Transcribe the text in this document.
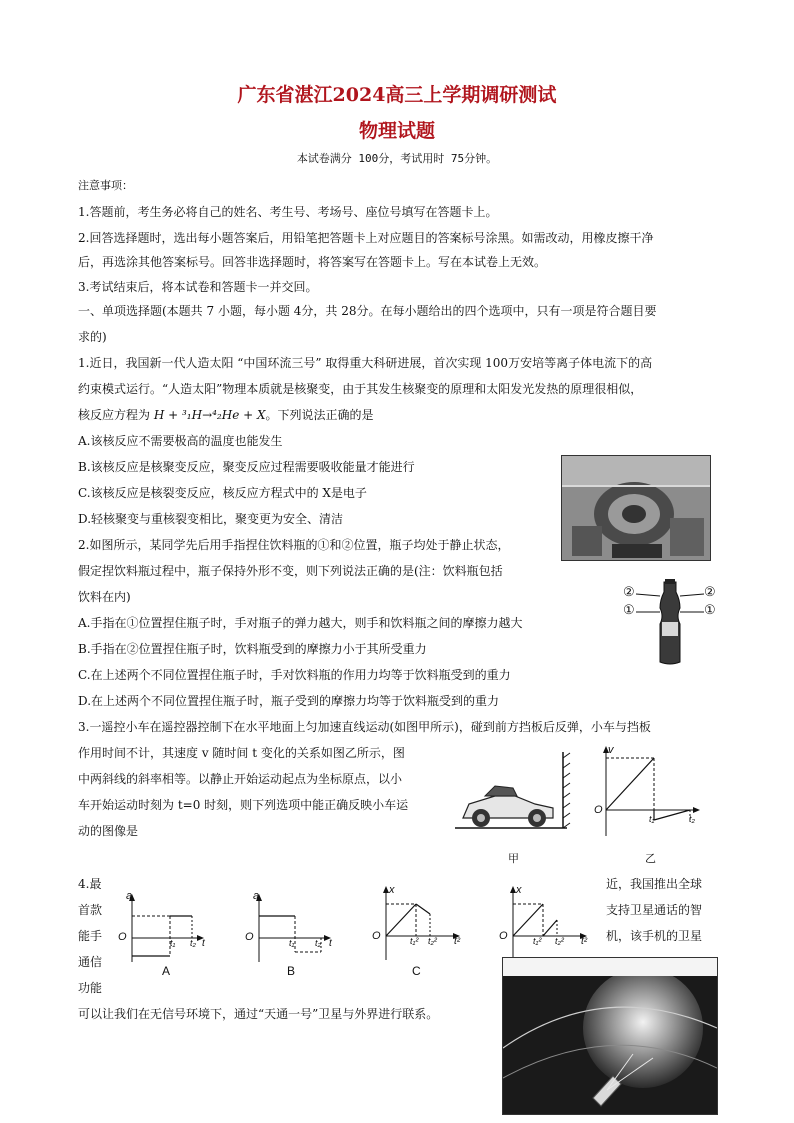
广东省湛江2024高三上学期调研测试
物理试题
本试卷满分 100分，考试用时 75分钟。
注意事项：
1.答题前，考生务必将自己的姓名、考生号、考场号、座位号填写在答题卡上。
2.回答选择题时，选出每小题答案后，用铅笔把答题卡上对应题目的答案标号涂黑。如需改动，用橡皮擦干净
后，再选涂其他答案标号。回答非选择题时，将答案写在答题卡上。写在本试卷上无效。
3.考试结束后，将本试卷和答题卡一并交回。
一、单项选择题(本题共 7 小题，每小题 4分，共 28分。在每小题给出的四个选项中，只有一项是符合题目要
求的)
1.近日，我国新一代人造太阳 “中国环流三号” 取得重大科研进展，首次实现 100万安培等离子体电流下的高
约束模式运行。“人造太阳”物理本质就是核聚变，由于其发生核聚变的原理和太阳发光发热的原理很相似，
核反应方程为 H + ³₁H→⁴₂He + X。下列说法正确的是
A.该核反应不需要极高的温度也能发生
B.该核反应是核聚变反应，聚变反应过程需要吸收能量才能进行
C.该核反应是核裂变反应，核反应方程式中的 X是电子
D.轻核聚变与重核裂变相比，聚变更为安全、清洁
2.如图所示，某同学先后用手指捏住饮料瓶的①和②位置，瓶子均处于静止状态，
假定捏饮料瓶过程中，瓶子保持外形不变，则下列说法正确的是(注：饮料瓶包括
饮料在内)
A.手指在①位置捏住瓶子时，手对瓶子的弹力越大，则手和饮料瓶之间的摩擦力越大
B.手指在②位置捏住瓶子时，饮料瓶受到的摩擦力小于其所受重力
C.在上述两个不同位置捏住瓶子时，手对饮料瓶的作用力均等于饮料瓶受到的重力
D.在上述两个不同位置捏住瓶子时，瓶子受到的摩擦力均等于饮料瓶受到的重力
②	②
①	①
3.一遥控小车在遥控器控制下在水平地面上匀加速直线运动(如图甲所示)，碰到前方挡板后反弹，小车与挡板
作用时间不计，其速度 v 随时间 t 变化的关系如图乙所示，图
中两斜线的斜率相等。以静止开始运动起点为坐标原点，以小
车开始运动时刻为 t=0 时刻，则下列选项中能正确反映小车运
动的图像是
甲
v
O
t₁	t₂
乙
4.最
首款
能手
通信
功能
近，我国推出全球
支持卫星通话的智
机，该手机的卫星
可以让我们在无信号环境下，通过“天通一号”卫星与外界进行联系。
a
O	t₁ t₂ t
A
a
O	t₁ t₂ t
B
x
O	t₁² t₂² t²
C
x
O	t₁² t₂² t²
